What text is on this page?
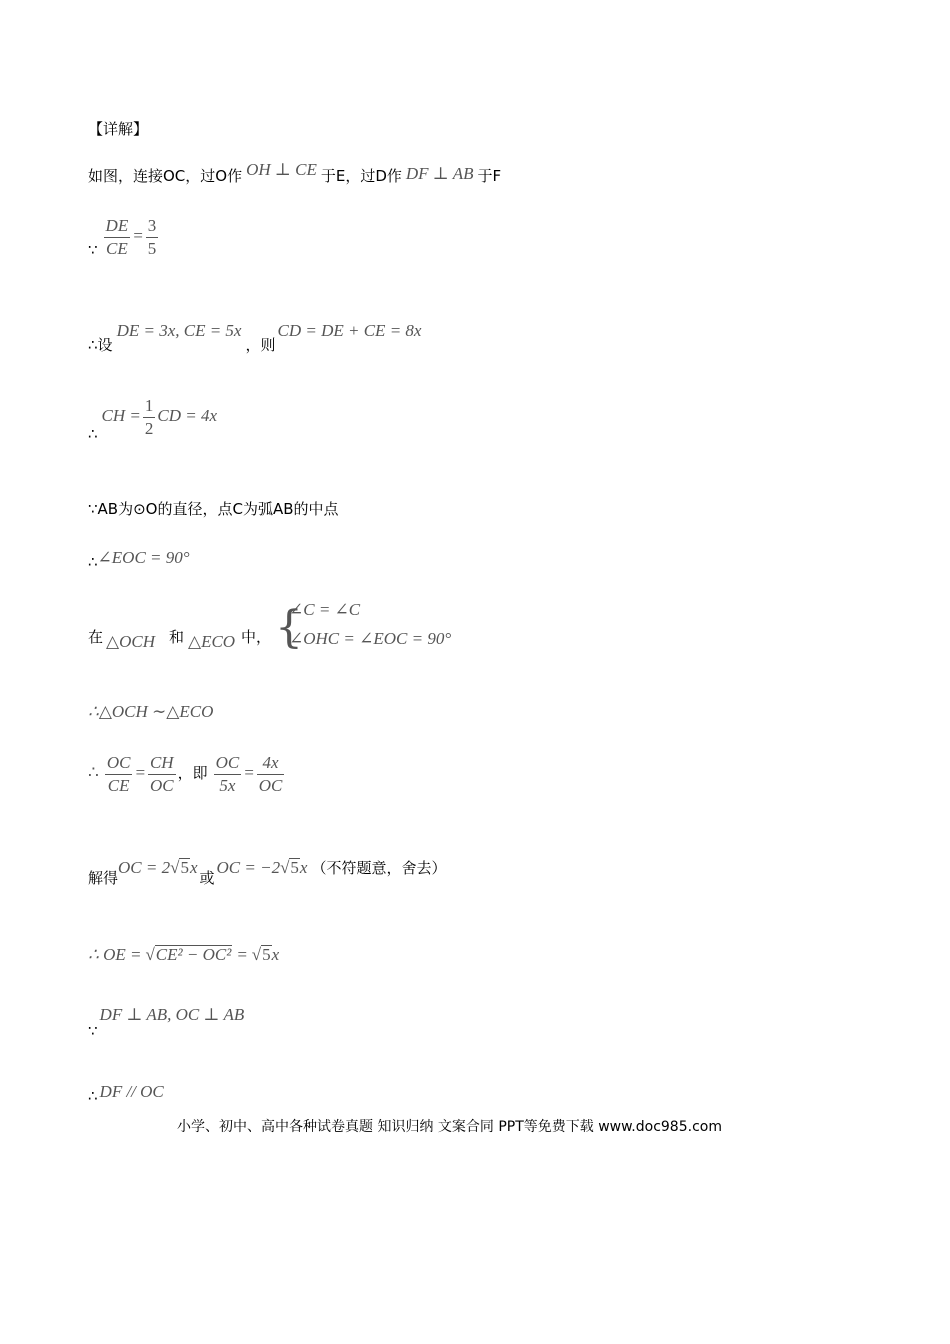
【详解】
如图，连接OC，过O作 OH ⊥ CE 于E，过D作 DF ⊥ AB 于F
∵ $\frac{DE}{CE} = \frac{3}{5}$
∴设DE = 3x, CE = 5x，则CD = DE + CE = 8x
∴ CH = $\frac{1}{2}$ CD = 4x
∵AB为⊙O的直径，点C为弧AB的中点
∴∠EOC = 90°
在 △OCH 和 △ECO 中， {
∠C = ∠C
∠OHC = ∠EOC = 90°
∴△OCH ∼△ECO
∴ $\frac{OC}{CE} = \frac{CH}{OC}$ ，即 $\frac{OC}{5x} = \frac{4x}{OC}$
解得OC = 2√5x或OC = −2√5x （不符题意，舍去）
∴ OE = √CE² − OC² = √5x
∵DF ⊥ AB, OC ⊥ AB
∴ DF // OC
小学、初中、高中各种试卷真题 知识归纳 文案合同 PPT等免费下载 www.doc985.com
